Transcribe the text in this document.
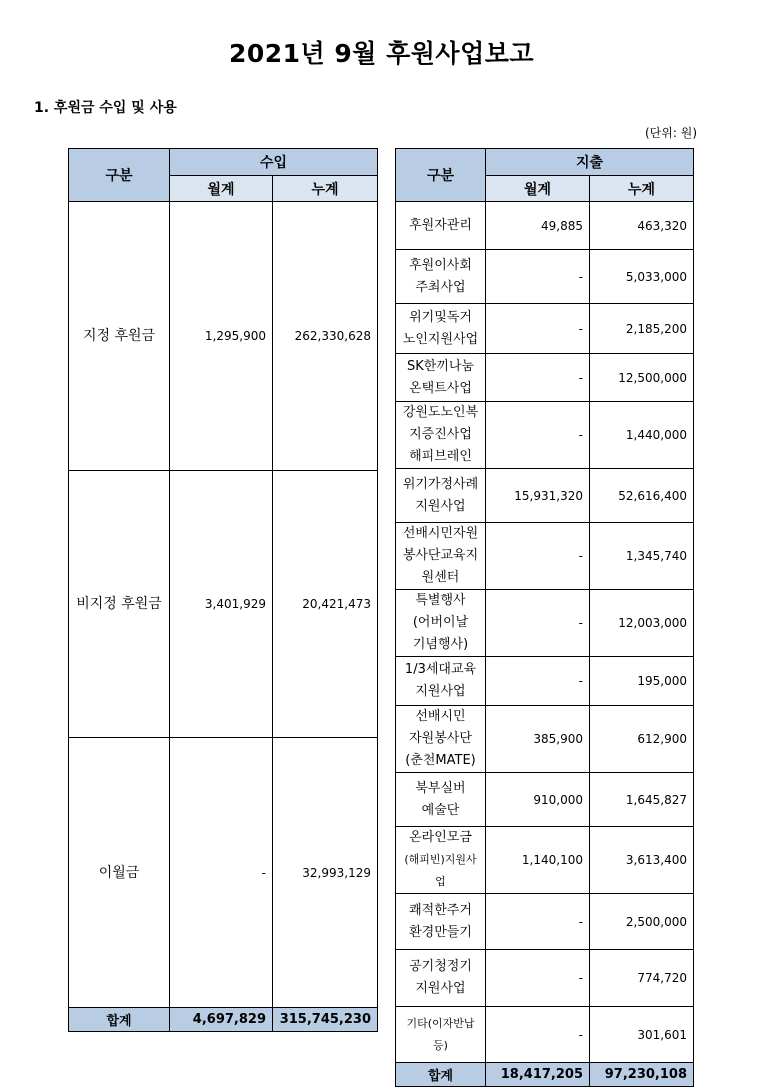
2021년 9월 후원사업보고
1. 후원금 수입 및 사용
(단위: 원)
구분	수입	
	월계	누계
지정 후원금	1,295,900	262,330,628
비지정 후원금	3,401,929	20,421,473
이월금	-	32,993,129
합계	4,697,829	315,745,230
구분	지출	
	월계	누계

후원자관리	49,885	463,320

후원이사회
주최사업	-	5,033,000

위기및독거
노인지원사업	-	2,185,200

SK한끼나눔
온택트사업	-	12,500,000

강원도노인복
지증진사업
해피브레인	-	1,440,000

위기가정사례
지원사업	15,931,320	52,616,400

선배시민자원
봉사단교육지
원센터	-	1,345,740

특별행사
(어버이날
기념행사)	-	12,003,000

1/3세대교육
지원사업	-	195,000

선배시민
자원봉사단
(춘천MATE)	385,900	612,900

북부실버
예술단	910,000	1,645,827

온라인모금
(해피빈)지원사업	1,140,100	3,613,400

쾌적한주거
환경만들기	-	2,500,000

공기청정기
지원사업	-	774,720

기타(이자반납 등)	-	301,601
합계	18,417,205	97,230,108
